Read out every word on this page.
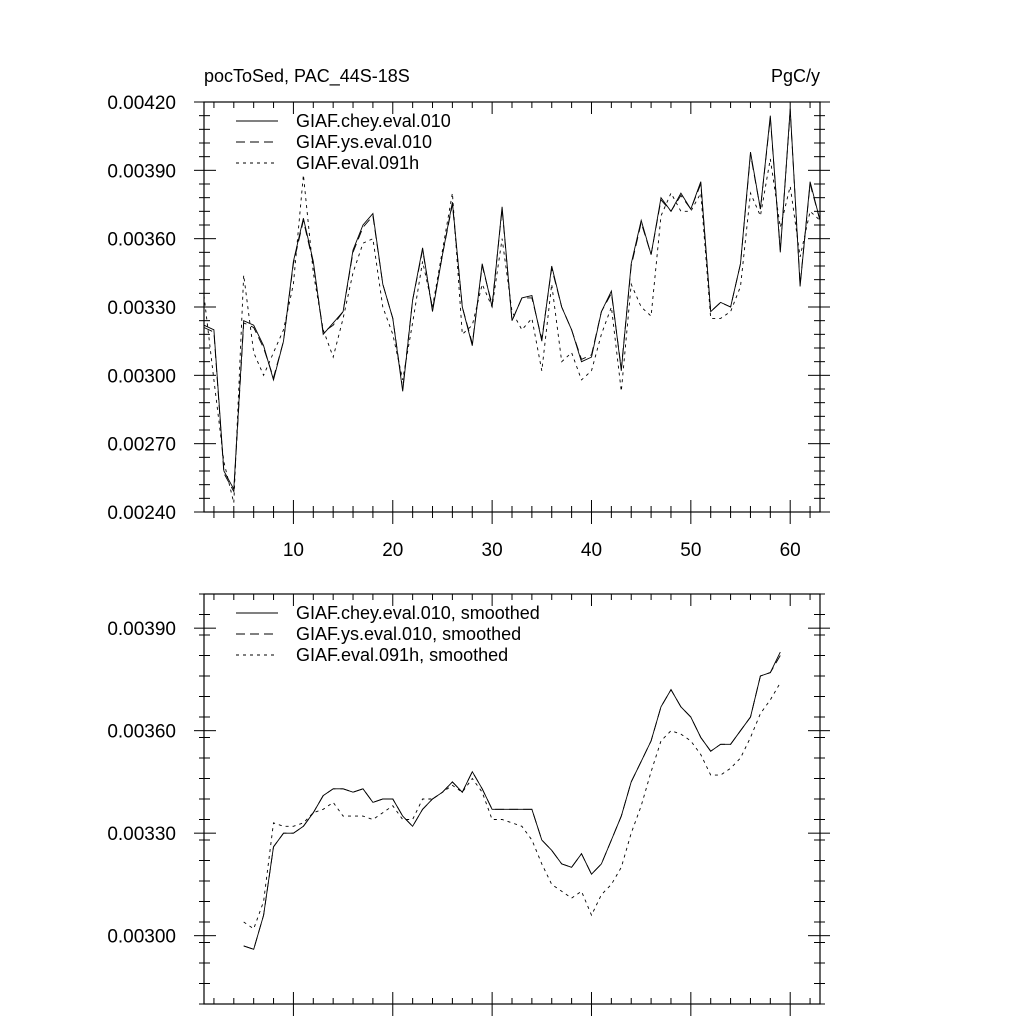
pocToSed, PAC_44S-18S	PgC/y
10	20	30	40	50	60
0.00240
0.00270
0.00300
0.00330
0.00360
0.00390
0.00420
GIAF.chey.eval.010
GIAF.ys.eval.010
GIAF.eval.091h
0.00300
0.00330
0.00360
0.00390
GIAF.chey.eval.010, smoothed
GIAF.ys.eval.010, smoothed
GIAF.eval.091h, smoothed
